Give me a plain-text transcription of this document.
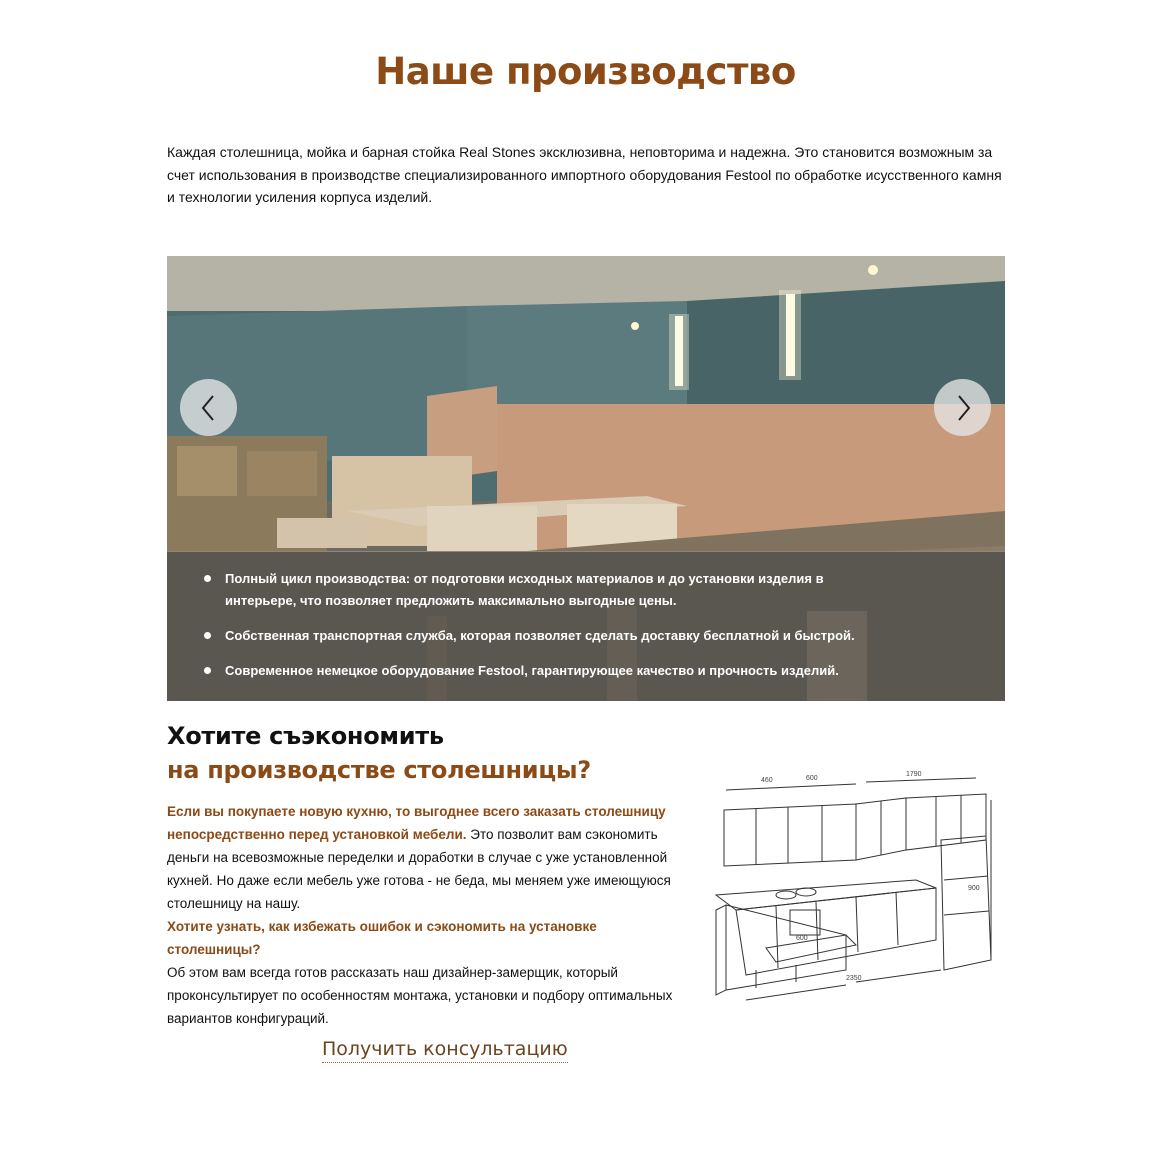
Наше производство

Каждая столешница, мойка и барная стойка Real Stones эксклюзивна, неповторима и надежна. Это становится возможным за счет использования в производстве специализированного импортного оборудования Festool по обработке исусственного камня и технологии усиления корпуса изделий.

Полный цикл производства: от подготовки исходных материалов и до установки изделия в интерьере, что позволяет предложить максимально выгодные цены.
Собственная транспортная служба, которая позволяет сделать доставку бесплатной и быстрой.
Современное немецкое оборудование Festool, гарантирующее качество и прочность изделий.
Хотите съэкономить
на производстве столешницы?
Если вы покупаете новую кухню, то выгоднее всего заказать столешницу непосредственно перед установкой мебели. Это позволит вам сэкономить деньги на всевозможные переделки и доработки в случае с уже установленной кухней. Но даже если мебель уже готова - не беда, мы меняем уже имеющуюся столешницу на нашу.
Хотите узнать, как избежать ошибок и сэкономить на установке столешницы?
Об этом вам всегда готов рассказать наш дизайнер-замерщик, который проконсультирует по особенностям монтажа, установки и подбору оптимальных вариантов конфигураций.
460	600
1790
900
2350
600
Получить консультацию
